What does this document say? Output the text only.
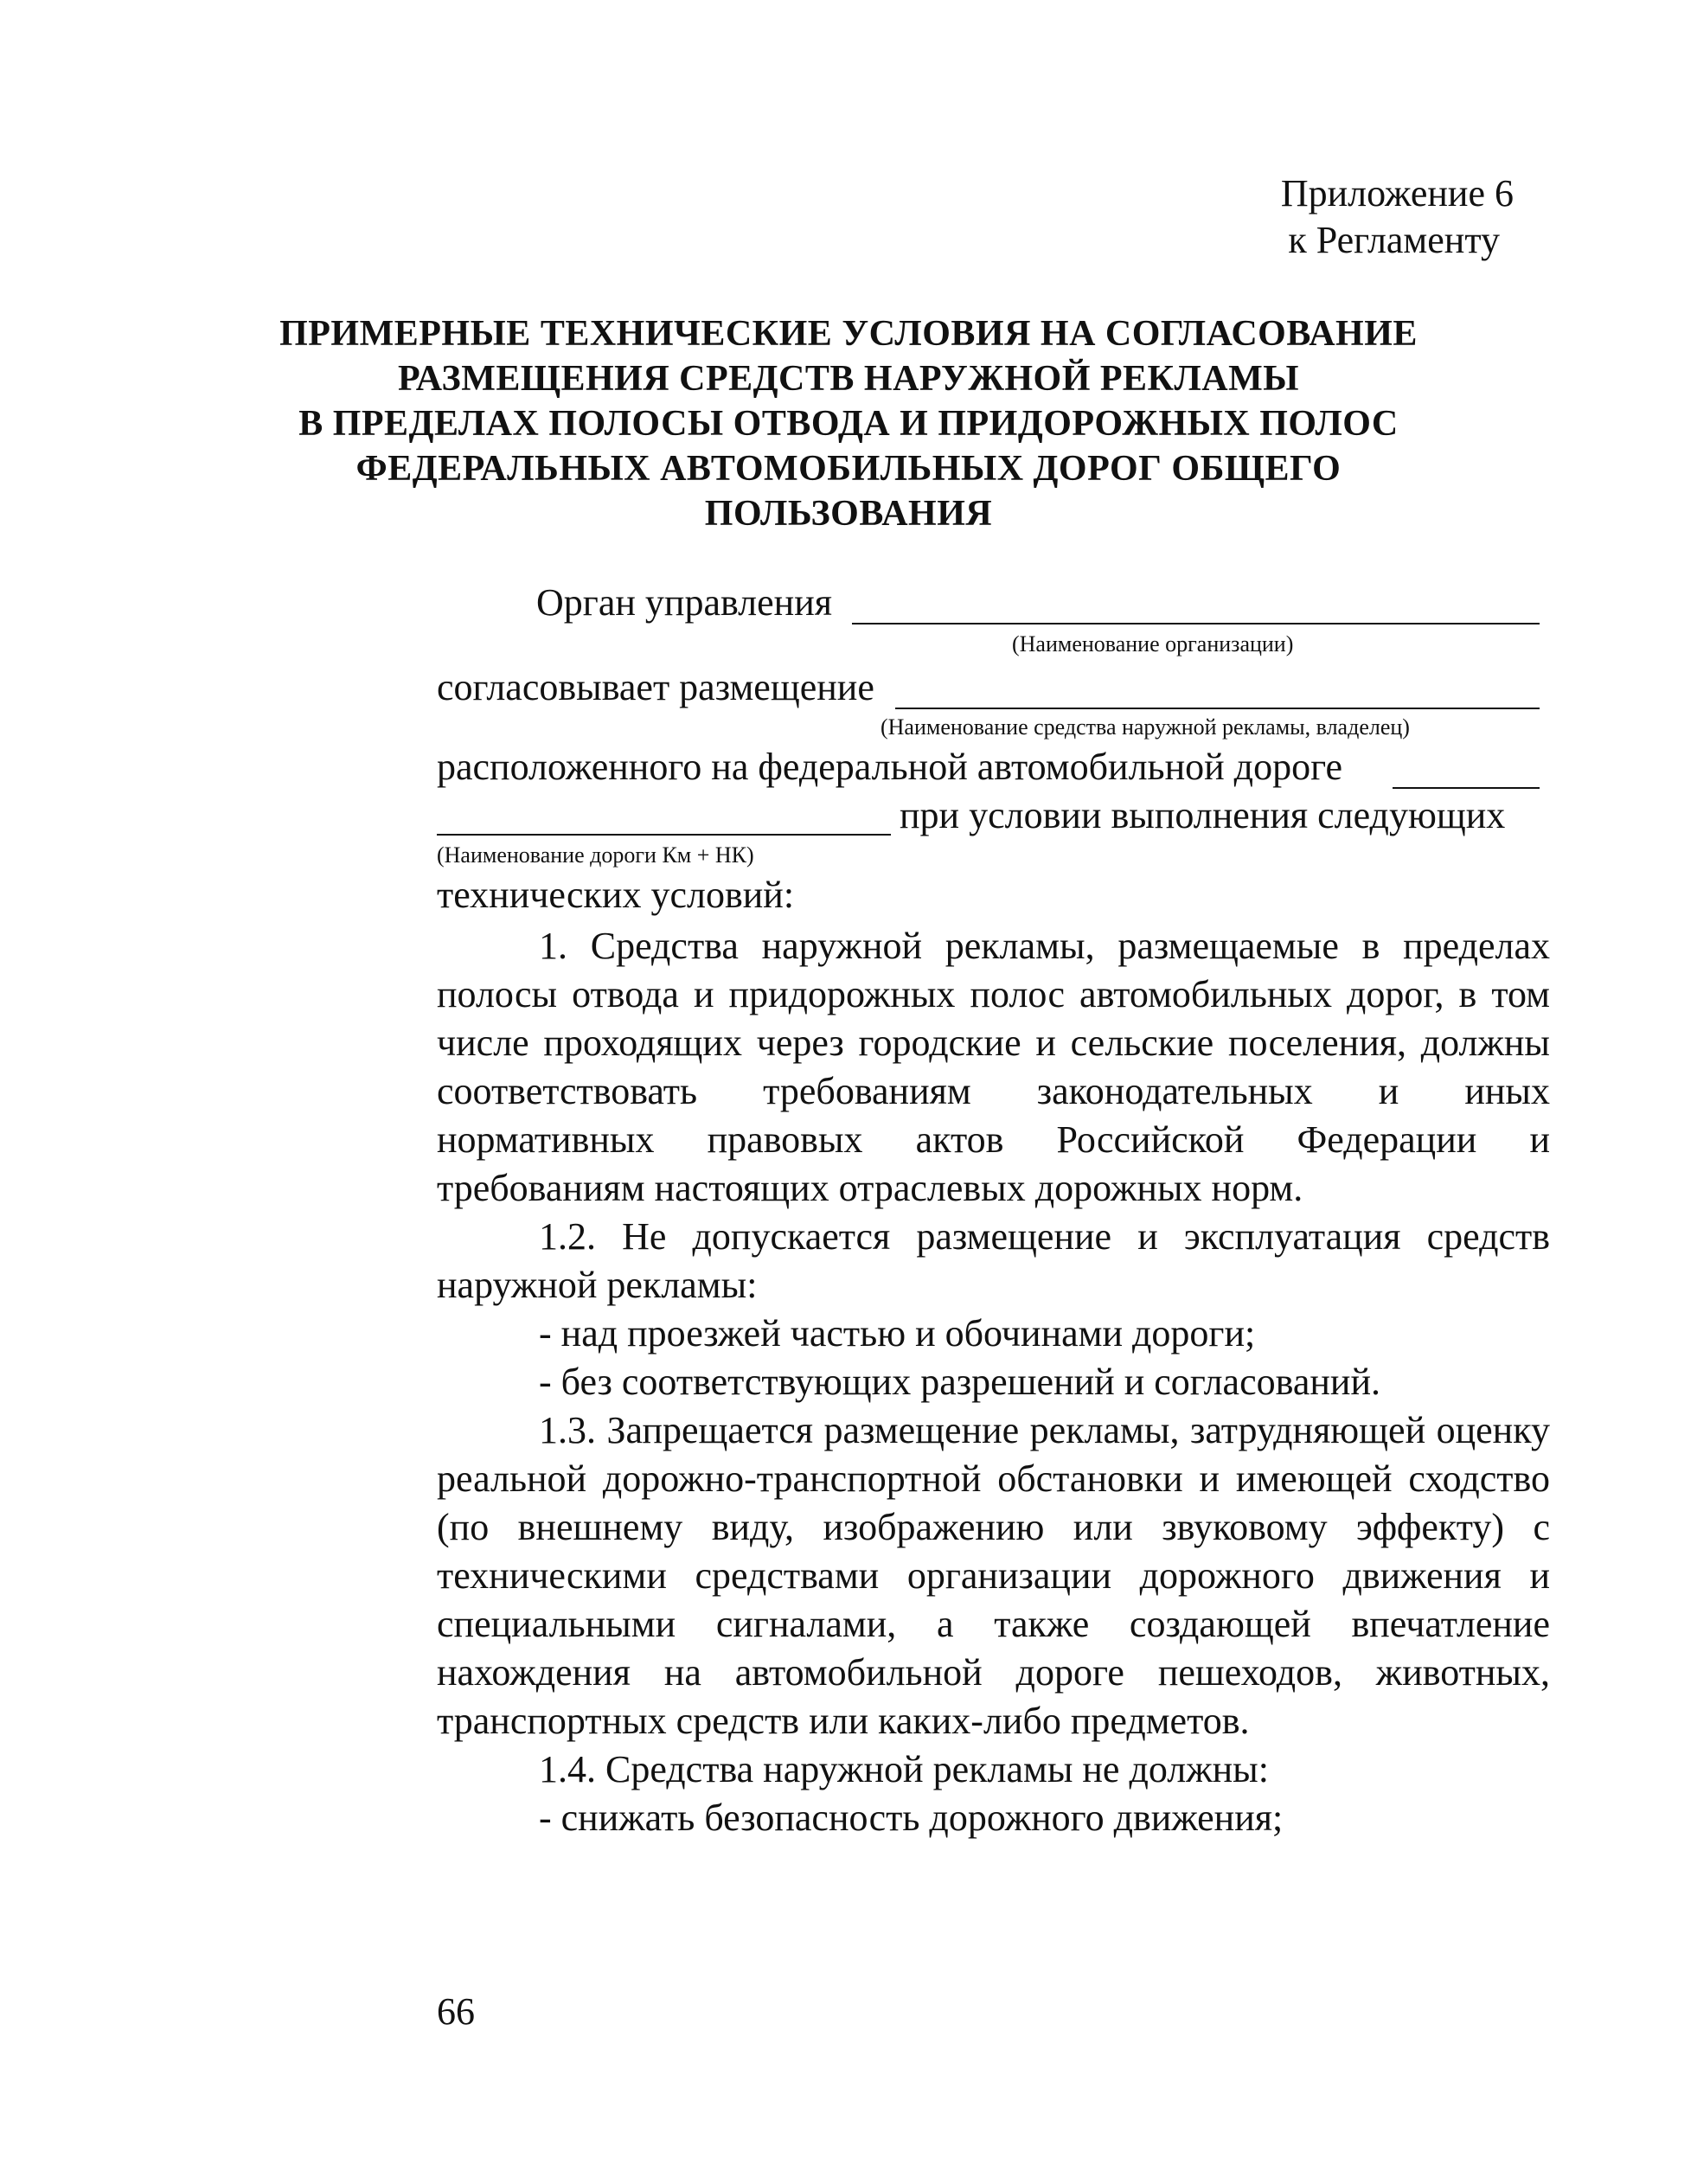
Приложение 6
к Регламенту
ПРИМЕРНЫЕ ТЕХНИЧЕСКИЕ УСЛОВИЯ НА СОГЛАСОВАНИЕ
РАЗМЕЩЕНИЯ СРЕДСТВ НАРУЖНОЙ РЕКЛАМЫ
В ПРЕДЕЛАХ ПОЛОСЫ ОТВОДА И ПРИДОРОЖНЫХ ПОЛОС
ФЕДЕРАЛЬНЫХ АВТОМОБИЛЬНЫХ ДОРОГ ОБЩЕГО
ПОЛЬЗОВАНИЯ
Орган управления
(Наименование организации)
согласовывает размещение
(Наименование средства наружной рекламы, владелец)
расположенного на федеральной автомобильной дороге
при условии выполнения следующих
(Наименование дороги Км + НК)
технических условий:

1. Средства наружной рекламы, размещаемые в пределах полосы отвода и придорожных полос автомобильных дорог, в том числе проходящих через городские и сельские поселения, должны соответствовать требованиям законодательных и иных нормативных правовых актов Российской Федерации и требованиям настоящих отраслевых дорожных норм.

1.2. Не допускается размещение и эксплуатация средств наружной рекламы:

- над проезжей частью и обочинами дороги;

- без соответствующих разрешений и согласований.

1.3. Запрещается размещение рекламы, затрудняющей оценку реальной дорожно-транспортной обстановки и имеющей сходство (по внешнему виду, изображению или звуковому эффекту) с техническими средствами организации дорожного движения и специальными сигналами, а также создающей впечатление нахождения на автомобильной дороге пешеходов, животных, транспортных средств или каких-либо предметов.

1.4. Средства наружной рекламы не должны:

- снижать безопасность дорожного движения;

66
